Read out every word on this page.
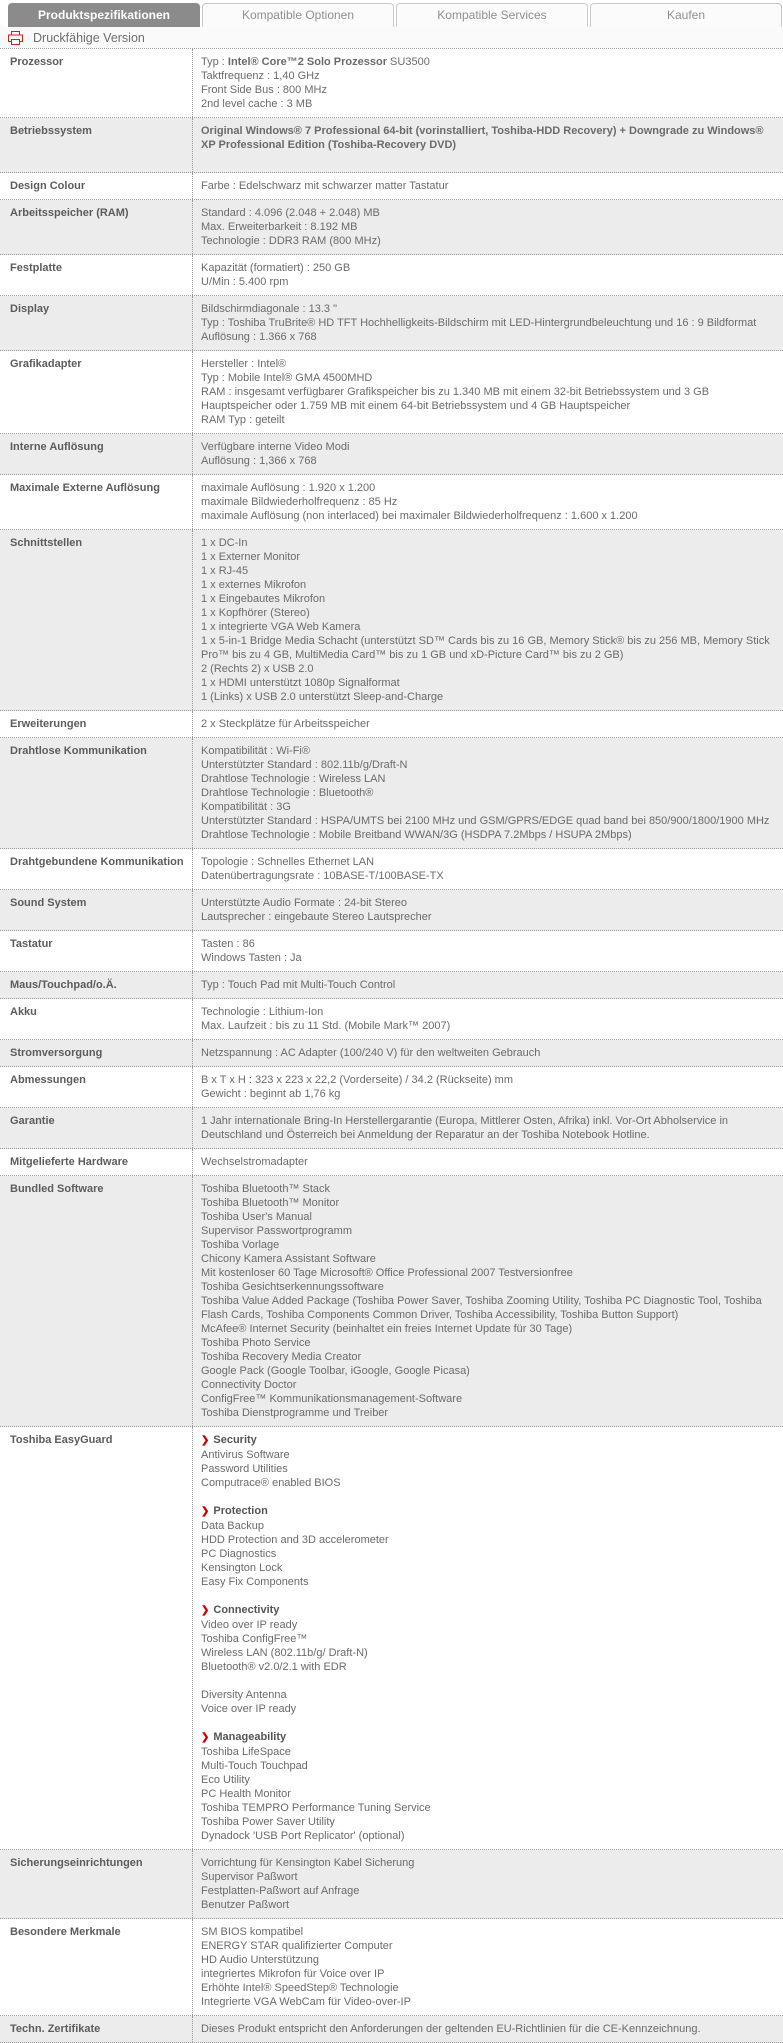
Produktspezifikationen	Kompatible Optionen	Kompatible Services	Kaufen
Druckfähige Version
Prozessor	Typ : Intel® Core™2 Solo Prozessor SU3500
Taktfrequenz : 1,40 GHz
Front Side Bus : 800 MHz
2nd level cache : 3 MB
Betriebssystem	Original Windows® 7 Professional 64-bit (vorinstalliert, Toshiba-HDD Recovery) + Downgrade zu Windows® XP Professional Edition (Toshiba-Recovery DVD)
Design Colour	Farbe : Edelschwarz mit schwarzer matter Tastatur
Arbeitsspeicher (RAM)	Standard : 4.096 (2.048 + 2.048) MB
Max. Erweiterbarkeit : 8.192 MB
Technologie : DDR3 RAM (800 MHz)
Festplatte	Kapazität (formatiert) : 250 GB
U/Min : 5.400 rpm
Display	Bildschirmdiagonale : 13.3 "
Typ : Toshiba TruBrite® HD TFT Hochhelligkeits-Bildschirm mit LED-Hintergrundbeleuchtung und 16 : 9 Bildformat
Auflösung : 1.366 x 768
Grafikadapter	Hersteller : Intel®
Typ : Mobile Intel® GMA 4500MHD
RAM : insgesamt verfügbarer Grafikspeicher bis zu 1.340 MB mit einem 32-bit Betriebssystem und 3 GB Hauptspeicher oder 1.759 MB mit einem 64-bit Betriebssystem und 4 GB Hauptspeicher
RAM Typ : geteilt
Interne Auflösung	Verfügbare interne Video Modi
Auflösung : 1,366 x 768
Maximale Externe Auflösung	maximale Auflösung : 1.920 x 1.200
maximale Bildwiederholfrequenz : 85 Hz
maximale Auflösung (non interlaced) bei maximaler Bildwiederholfrequenz : 1.600 x 1.200
Schnittstellen	1 x DC-In
1 x Externer Monitor
1 x RJ-45
1 x externes Mikrofon
1 x Eingebautes Mikrofon
1 x Kopfhörer (Stereo)
1 x integrierte VGA Web Kamera
1 x 5-in-1 Bridge Media Schacht (unterstützt SD™ Cards bis zu 16 GB, Memory Stick® bis zu 256 MB, Memory Stick Pro™ bis zu 4 GB, MultiMedia Card™ bis zu 1 GB und xD-Picture Card™ bis zu 2 GB)
2 (Rechts 2) x USB 2.0
1 x HDMI unterstützt 1080p Signalformat
1 (Links) x USB 2.0 unterstützt Sleep-and-Charge
Erweiterungen	2 x Steckplätze für Arbeitsspeicher
Drahtlose Kommunikation	Kompatibilität : Wi-Fi®
Unterstützter Standard : 802.11b/g/Draft-N
Drahtlose Technologie : Wireless LAN
Drahtlose Technologie : Bluetooth®
Kompatibilität : 3G
Unterstützter Standard : HSPA/UMTS bei 2100 MHz und GSM/GPRS/EDGE quad band bei 850/900/1800/1900 MHz
Drahtlose Technologie : Mobile Breitband WWAN/3G (HSDPA 7.2Mbps / HSUPA 2Mbps)
Drahtgebundene Kommunikation	Topologie : Schnelles Ethernet LAN
Datenübertragungsrate : 10BASE-T/100BASE-TX
Sound System	Unterstützte Audio Formate : 24-bit Stereo
Lautsprecher : eingebaute Stereo Lautsprecher
Tastatur	Tasten : 86
Windows Tasten : Ja
Maus/Touchpad/o.Ä.	Typ : Touch Pad mit Multi-Touch Control
Akku	Technologie : Lithium-Ion
Max. Laufzeit : bis zu 11 Std. (Mobile Mark™ 2007)
Stromversorgung	Netzspannung : AC Adapter (100/240 V) für den weltweiten Gebrauch
Abmessungen	B x T x H : 323 x 223 x 22,2 (Vorderseite) / 34.2 (Rückseite) mm
Gewicht : beginnt ab 1,76 kg
Garantie	1 Jahr internationale Bring-In Herstellergarantie (Europa, Mittlerer Osten, Afrika) inkl. Vor-Ort Abholservice in Deutschland und Österreich bei Anmeldung der Reparatur an der Toshiba Notebook Hotline.
Mitgelieferte Hardware	Wechselstromadapter
Bundled Software	Toshiba Bluetooth™ Stack
Toshiba Bluetooth™ Monitor
Toshiba User's Manual
Supervisor Passwortprogramm
Toshiba Vorlage
Chicony Kamera Assistant Software
Mit kostenloser 60 Tage Microsoft® Office Professional 2007 Testversionfree
Toshiba Gesichtserkennungssoftware
Toshiba Value Added Package (Toshiba Power Saver, Toshiba Zooming Utility, Toshiba PC Diagnostic Tool, Toshiba Flash Cards, Toshiba Components Common Driver, Toshiba Accessibility, Toshiba Button Support)
McAfee® Internet Security (beinhaltet ein freies Internet Update für 30 Tage)
Toshiba Photo Service
Toshiba Recovery Media Creator
Google Pack (Google Toolbar, iGoogle, Google Picasa)
Connectivity Doctor
ConfigFree™ Kommunikationsmanagement-Software
Toshiba Dienstprogramme und Treiber
Toshiba EasyGuard	❯ Security
Antivirus Software
Password Utilities
Computrace® enabled BIOS
❯ Protection
Data Backup
HDD Protection and 3D accelerometer
PC Diagnostics
Kensington Lock
Easy Fix Components
❯ Connectivity
Video over IP ready
Toshiba ConfigFree™
Wireless LAN (802.11b/g/ Draft-N)
Bluetooth® v2.0/2.1 with EDR
Diversity Antenna
Voice over IP ready
❯ Manageability
Toshiba LifeSpace
Multi-Touch Touchpad
Eco Utility
PC Health Monitor
Toshiba TEMPRO Performance Tuning Service
Toshiba Power Saver Utility
Dynadock 'USB Port Replicator' (optional)
Sicherungseinrichtungen	Vorrichtung für Kensington Kabel Sicherung
Supervisor Paßwort
Festplatten-Paßwort auf Anfrage
Benutzer Paßwort
Besondere Merkmale	SM BIOS kompatibel
ENERGY STAR qualifizierter Computer
HD Audio Unterstützung
integriertes Mikrofon für Voice over IP
Erhöhte Intel® SpeedStep® Technologie
Integrierte VGA WebCam für Video-over-IP
Techn. Zertifikate	Dieses Produkt entspricht den Anforderungen der geltenden EU-Richtlinien für die CE-Kennzeichnung.
